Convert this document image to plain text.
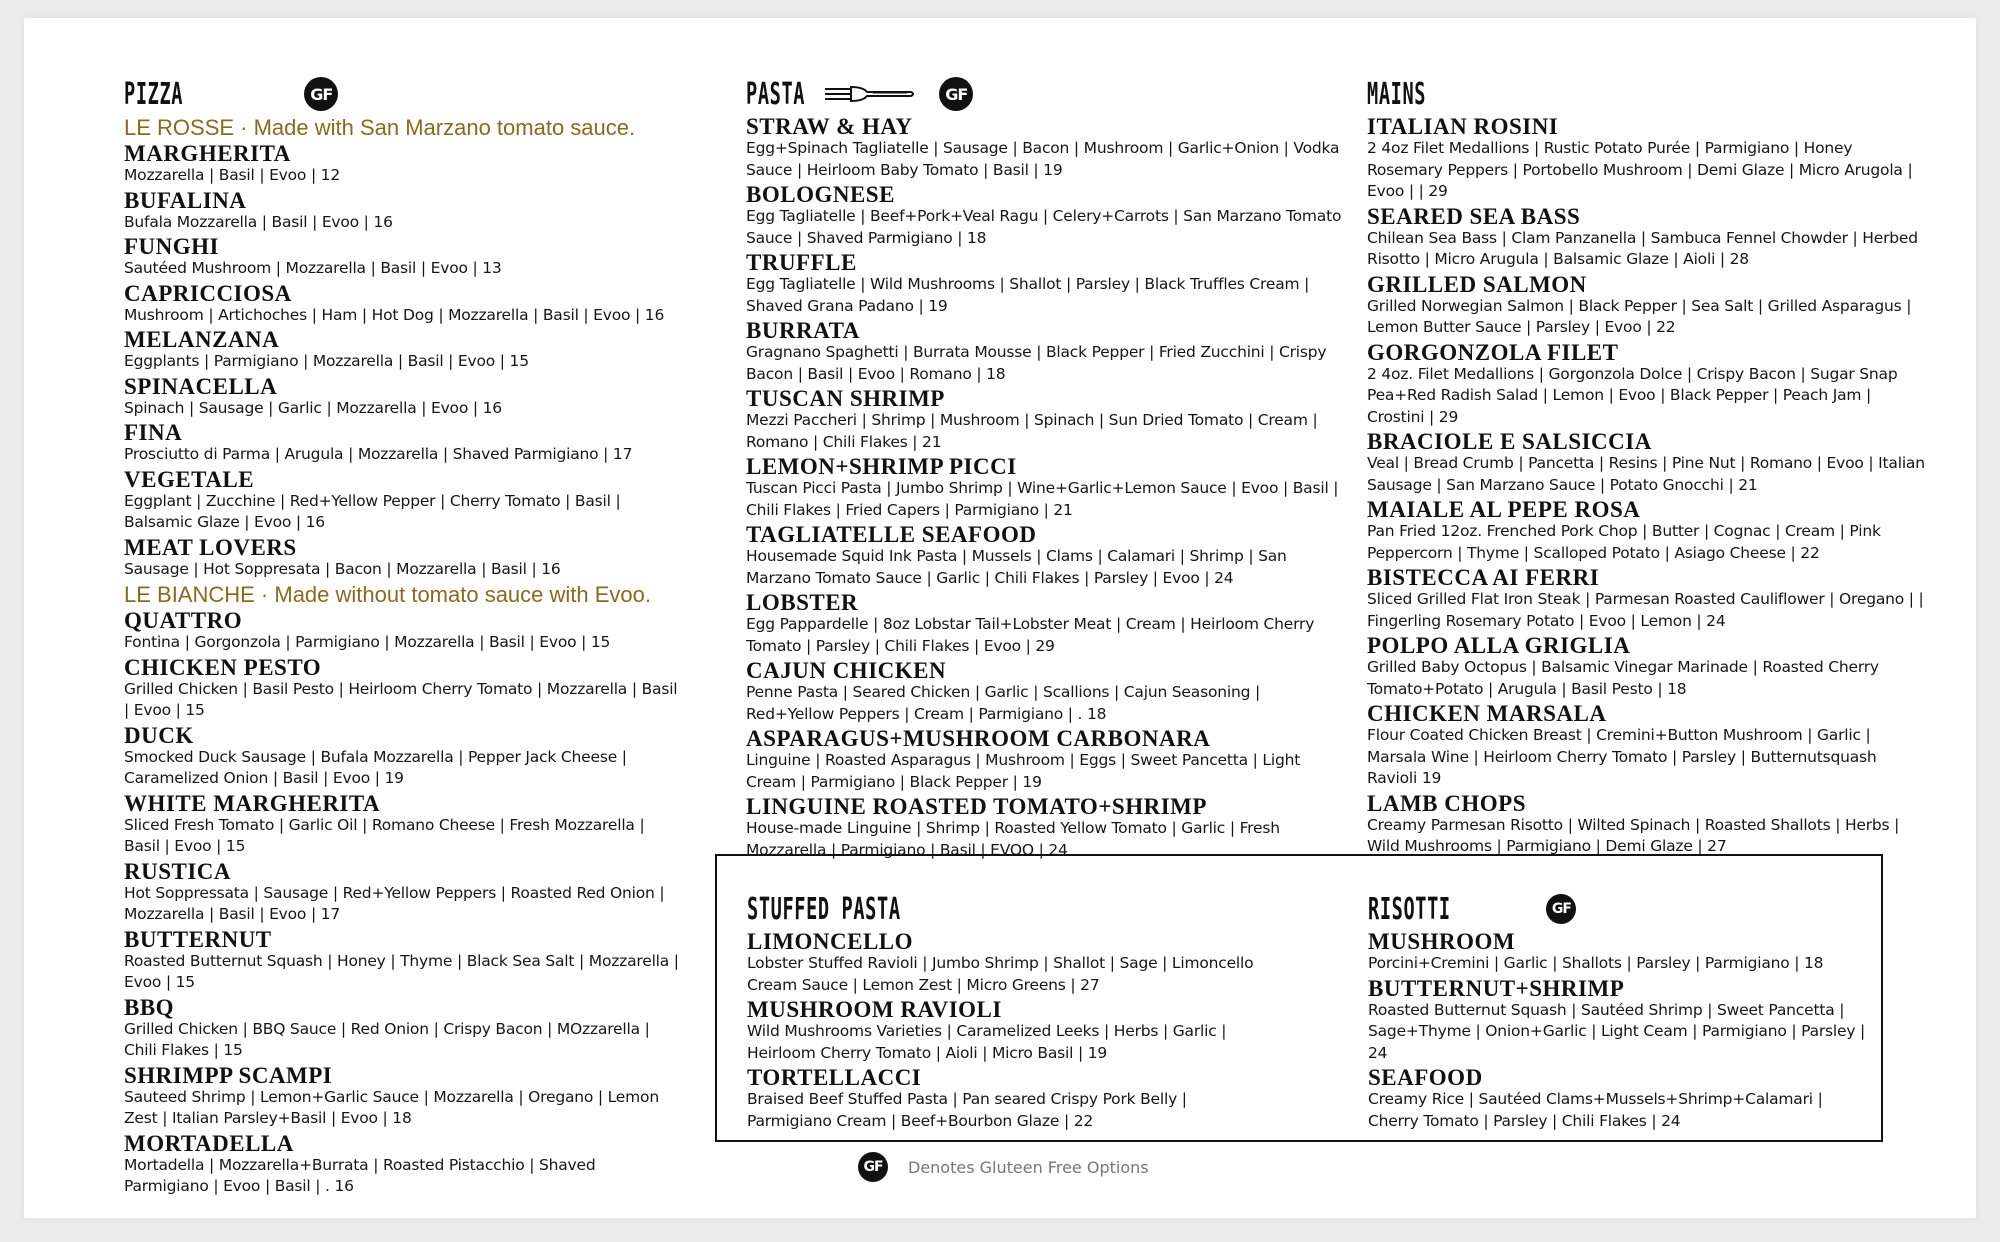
PIZZA	GF
LE ROSSE · Made with San Marzano tomato sauce.
MARGHERITA
Mozzarella | Basil | Evoo | 12
BUFALINA
Bufala Mozzarella | Basil | Evoo | 16
FUNGHI
Sautéed Mushroom | Mozzarella | Basil | Evoo | 13
CAPRICCIOSA
Mushroom | Artichoches | Ham | Hot Dog | Mozzarella | Basil | Evoo | 16
MELANZANA
Eggplants | Parmigiano | Mozzarella | Basil | Evoo | 15
SPINACELLA
Spinach | Sausage | Garlic | Mozzarella | Evoo | 16
FINA
Prosciutto di Parma | Arugula | Mozzarella | Shaved Parmigiano | 17
VEGETALE
Eggplant | Zucchine | Red+Yellow Pepper | Cherry Tomato | Basil | Balsamic Glaze | Evoo | 16
MEAT LOVERS
Sausage | Hot Soppresata | Bacon | Mozzarella | Basil | 16
LE BIANCHE · Made without tomato sauce with Evoo.
QUATTRO
Fontina | Gorgonzola | Parmigiano | Mozzarella | Basil | Evoo | 15
CHICKEN PESTO
Grilled Chicken | Basil Pesto | Heirloom Cherry Tomato | Mozzarella | Basil | Evoo | 15
DUCK
Smocked Duck Sausage | Bufala Mozzarella | Pepper Jack Cheese | Caramelized Onion | Basil | Evoo | 19
WHITE MARGHERITA
Sliced Fresh Tomato | Garlic Oil | Romano Cheese | Fresh Mozzarella | Basil | Evoo | 15
RUSTICA
Hot Soppressata | Sausage | Red+Yellow Peppers | Roasted Red Onion | Mozzarella | Basil | Evoo | 17
BUTTERNUT
Roasted Butternut Squash | Honey | Thyme | Black Sea Salt | Mozzarella | Evoo | 15
BBQ
Grilled Chicken | BBQ Sauce | Red Onion | Crispy Bacon | MOzzarella | Chili Flakes | 15
SHRIMPP SCAMPI
Sauteed Shrimp | Lemon+Garlic Sauce | Mozzarella | Oregano | Lemon Zest | Italian Parsley+Basil | Evoo | 18
MORTADELLA
Mortadella | Mozzarella+Burrata | Roasted Pistacchio | Shaved Parmigiano | Evoo | Basil | . 16
PASTA	GF
STRAW & HAY
Egg+Spinach Tagliatelle | Sausage | Bacon | Mushroom | Garlic+Onion | Vodka Sauce | Heirloom Baby Tomato | Basil | 19
BOLOGNESE
Egg Tagliatelle | Beef+Pork+Veal Ragu | Celery+Carrots | San Marzano Tomato Sauce | Shaved Parmigiano | 18
TRUFFLE
Egg Tagliatelle | Wild Mushrooms | Shallot | Parsley | Black Truffles Cream | Shaved Grana Padano | 19
BURRATA
Gragnano Spaghetti | Burrata Mousse | Black Pepper | Fried Zucchini | Crispy Bacon | Basil | Evoo | Romano | 18
TUSCAN SHRIMP
Mezzi Paccheri | Shrimp | Mushroom | Spinach | Sun Dried Tomato | Cream | Romano | Chili Flakes | 21
LEMON+SHRIMP PICCI
Tuscan Picci Pasta | Jumbo Shrimp | Wine+Garlic+Lemon Sauce | Evoo | Basil | Chili Flakes | Fried Capers | Parmigiano | 21
TAGLIATELLE SEAFOOD
Housemade Squid Ink Pasta | Mussels | Clams | Calamari | Shrimp | San Marzano Tomato Sauce | Garlic | Chili Flakes | Parsley | Evoo | 24
LOBSTER
Egg Pappardelle | 8oz Lobstar Tail+Lobster Meat | Cream | Heirloom Cherry Tomato | Parsley | Chili Flakes | Evoo | 29
CAJUN CHICKEN
Penne Pasta | Seared Chicken | Garlic | Scallions | Cajun Seasoning | Red+Yellow Peppers | Cream | Parmigiano | . 18
ASPARAGUS+MUSHROOM CARBONARA
Linguine | Roasted Asparagus | Mushroom | Eggs | Sweet Pancetta | Light Cream | Parmigiano | Black Pepper | 19
LINGUINE ROASTED TOMATO+SHRIMP
House-made Linguine | Shrimp | Roasted Yellow Tomato | Garlic | Fresh Mozzarella | Parmigiano | Basil | EVOO | 24
MAINS
ITALIAN ROSINI
2 4oz Filet Medallions | Rustic Potato Purée | Parmigiano | Honey Rosemary Peppers | Portobello Mushroom | Demi Glaze | Micro Arugola | Evoo | | 29
SEARED SEA BASS
Chilean Sea Bass | Clam Panzanella | Sambuca Fennel Chowder | Herbed Risotto | Micro Arugula | Balsamic Glaze | Aioli | 28
GRILLED SALMON
Grilled Norwegian Salmon | Black Pepper | Sea Salt | Grilled Asparagus | Lemon Butter Sauce | Parsley | Evoo | 22
GORGONZOLA FILET
2 4oz. Filet Medallions | Gorgonzola Dolce | Crispy Bacon | Sugar Snap Pea+Red Radish Salad | Lemon | Evoo | Black Pepper | Peach Jam | Crostini | 29
BRACIOLE E SALSICCIA
Veal | Bread Crumb | Pancetta | Resins | Pine Nut | Romano | Evoo | Italian Sausage | San Marzano Sauce | Potato Gnocchi | 21
MAIALE AL PEPE ROSA
Pan Fried 12oz. Frenched Pork Chop | Butter | Cognac | Cream | Pink Peppercorn | Thyme | Scalloped Potato | Asiago Cheese | 22
BISTECCA AI FERRI
Sliced Grilled Flat Iron Steak | Parmesan Roasted Cauliflower | Oregano | | Fingerling Rosemary Potato | Evoo | Lemon | 24
POLPO ALLA GRIGLIA
Grilled Baby Octopus | Balsamic Vinegar Marinade | Roasted Cherry Tomato+Potato | Arugula | Basil Pesto | 18
CHICKEN MARSALA
Flour Coated Chicken Breast | Cremini+Button Mushroom | Garlic | Marsala Wine | Heirloom Cherry Tomato | Parsley | Butternutsquash Ravioli 19
LAMB CHOPS
Creamy Parmesan Risotto | Wilted Spinach | Roasted Shallots | Herbs | Wild Mushrooms | Parmigiano | Demi Glaze | 27
STUFFED PASTA
LIMONCELLO
Lobster Stuffed Ravioli | Jumbo Shrimp | Shallot | Sage | Limoncello Cream Sauce | Lemon Zest | Micro Greens | 27
MUSHROOM RAVIOLI
Wild Mushrooms Varieties | Caramelized Leeks | Herbs | Garlic | Heirloom Cherry Tomato | Aioli | Micro Basil | 19
TORTELLACCI
Braised Beef Stuffed Pasta | Pan seared Crispy Pork Belly | Parmigiano Cream | Beef+Bourbon Glaze | 22
RISOTTI	GF
MUSHROOM
Porcini+Cremini | Garlic | Shallots | Parsley | Parmigiano | 18
BUTTERNUT+SHRIMP
Roasted Butternut Squash | Sautéed Shrimp | Sweet Pancetta | Sage+Thyme | Onion+Garlic | Light Ceam | Parmigiano | Parsley | 24
SEAFOOD
Creamy Rice | Sautéed Clams+Mussels+Shrimp+Calamari | Cherry Tomato | Parsley | Chili Flakes | 24
GF	Denotes Gluteen Free Options
